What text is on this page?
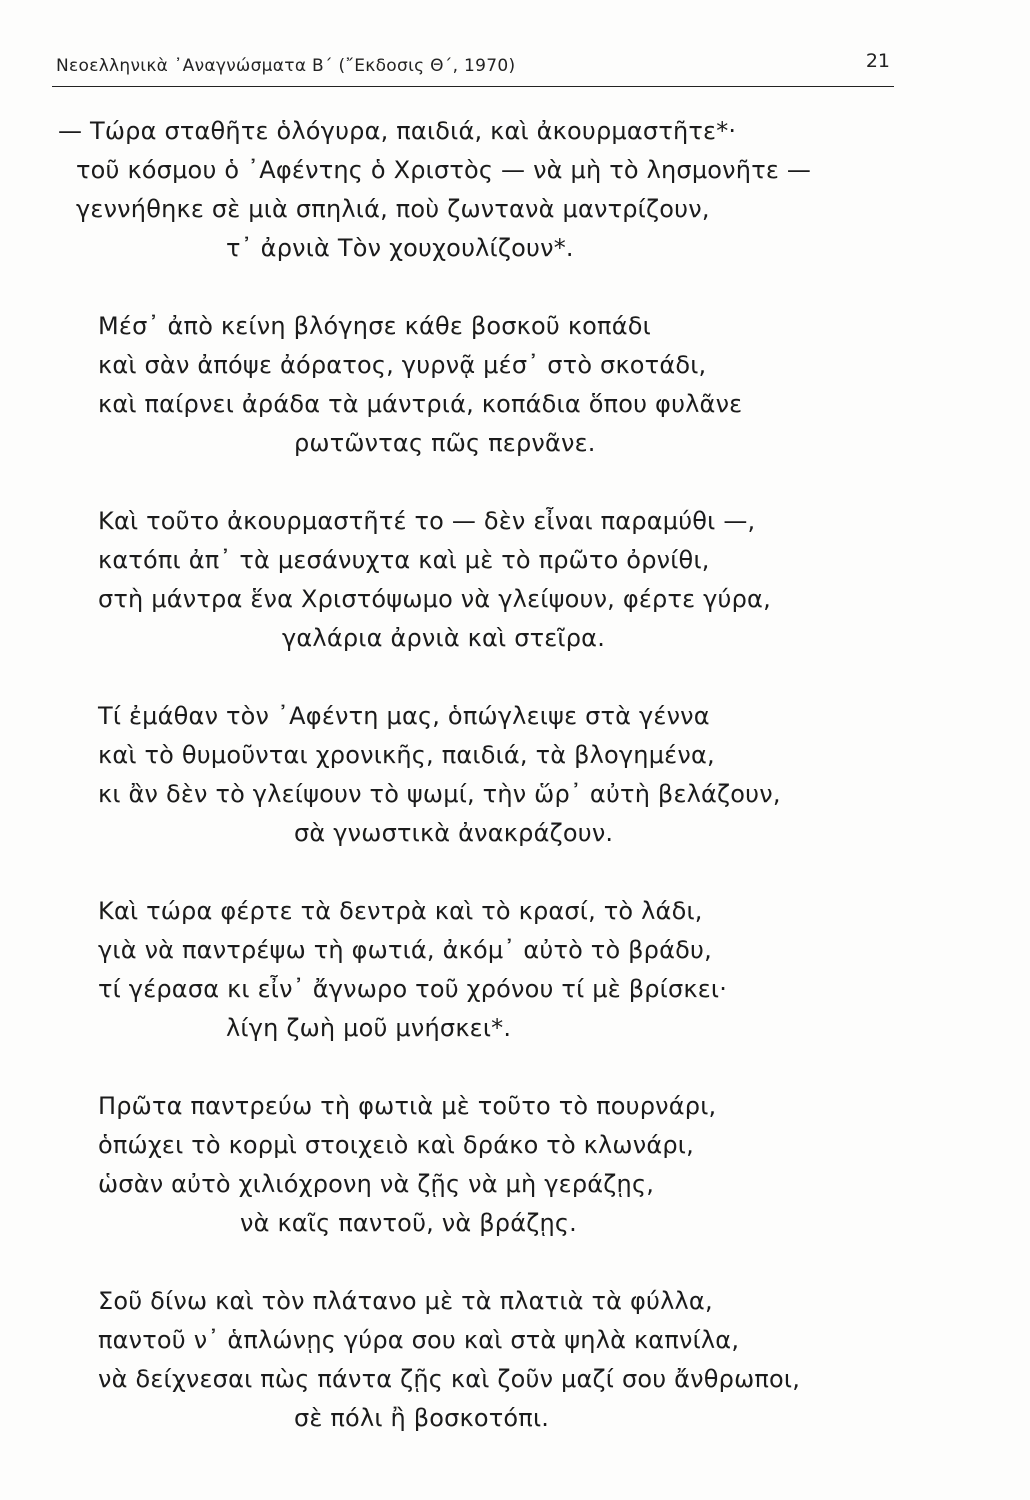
Νεοελληνικὰ ᾿Αναγνώσματα Β΄ (῎Εκδοσις Θ΄, 1970)	21
— Τώρα σταθῆτε ὁλόγυρα, παιδιά, καὶ ἀκουρμαστῆτε*·
τοῦ κόσμου ὁ ᾿Αφέντης ὁ Χριστὸς — νὰ μὴ τὸ λησμονῆτε —
γεννήθηκε σὲ μιὰ σπηλιά, ποὺ ζωντανὰ μαντρίζουν,
τ᾿ ἀρνιὰ Τὸν χουχουλίζουν*.
Μέσ᾿ ἀπὸ κείνη βλόγησε κάθε βοσκοῦ κοπάδι
καὶ σὰν ἀπόψε ἀόρατος, γυρνᾷ μέσ᾿ στὸ σκοτάδι,
καὶ παίρνει ἀράδα τὰ μάντριά, κοπάδια ὅπου φυλᾶνε
ρωτῶντας πῶς περνᾶνε.
Καὶ τοῦτο ἀκουρμαστῆτέ το — δὲν εἶναι παραμύθι —,
κατόπι ἀπ᾿ τὰ μεσάνυχτα καὶ μὲ τὸ πρῶτο ὀρνίθι,
στὴ μάντρα ἕνα Χριστόψωμο νὰ γλείψουν, φέρτε γύρα,
γαλάρια ἀρνιὰ καὶ στεῖρα.
Τί ἐμάθαν τὸν ᾿Αφέντη μας, ὁπώγλειψε στὰ γέννα
καὶ τὸ θυμοῦνται χρονικῆς, παιδιά, τὰ βλογημένα,
κι ἂν δὲν τὸ γλείψουν τὸ ψωμί, τὴν ὥρ᾿ αὐτὴ βελάζουν,
σὰ γνωστικὰ ἀνακράζουν.
Καὶ τώρα φέρτε τὰ δεντρὰ καὶ τὸ κρασί, τὸ λάδι,
γιὰ νὰ παντρέψω τὴ φωτιά, ἀκόμ᾿ αὐτὸ τὸ βράδυ,
τί γέρασα κι εἶν᾿ ἄγνωρο τοῦ χρόνου τί μὲ βρίσκει·
λίγη ζωὴ μοῦ μνήσκει*.
Πρῶτα παντρεύω τὴ φωτιὰ μὲ τοῦτο τὸ πουρνάρι,
ὁπώχει τὸ κορμὶ στοιχειὸ καὶ δράκο τὸ κλωνάρι,
ὡσὰν αὐτὸ χιλιόχρονη νὰ ζῇς νὰ μὴ γεράζῃς,
νὰ καῖς παντοῦ, νὰ βράζῃς.
Σοῦ δίνω καὶ τὸν πλάτανο μὲ τὰ πλατιὰ τὰ φύλλα,
παντοῦ ν᾿ ἁπλώνῃς γύρα σου καὶ στὰ ψηλὰ καπνίλα,
νὰ δείχνεσαι πὼς πάντα ζῇς καὶ ζοῦν μαζί σου ἄνθρωποι,
σὲ πόλι ἢ βοσκοτόπι.
